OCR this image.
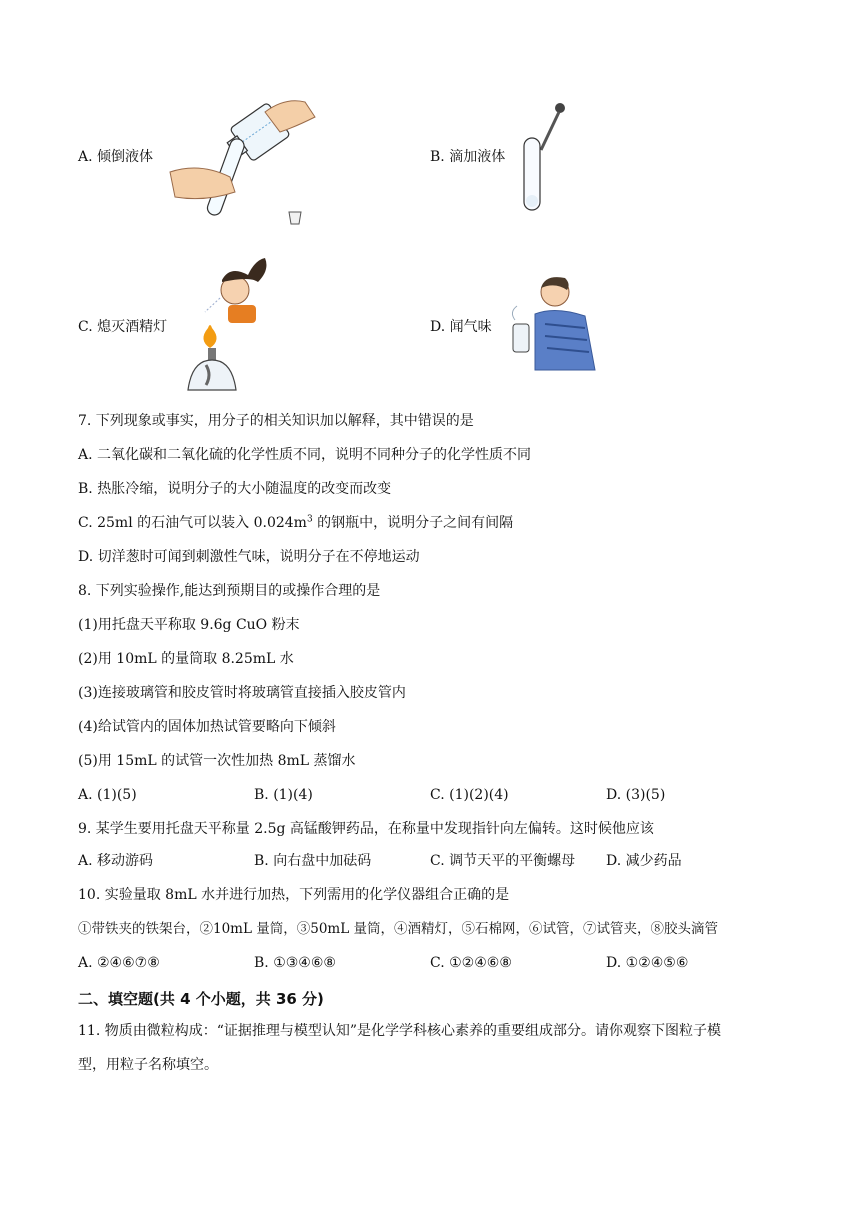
A. 倾倒液体	B. 滴加液体
C. 熄灭酒精灯	D. 闻气味
7. 下列现象或事实，用分子的相关知识加以解释，其中错误的是
A. 二氧化碳和二氧化硫的化学性质不同，说明不同种分子的化学性质不同
B. 热胀冷缩，说明分子的大小随温度的改变而改变
C. 25ml 的石油气可以装入 $0.024m^3$ 的钢瓶中，说明分子之间有间隔
D. 切洋葱时可闻到刺激性气味，说明分子在不停地运动
8. 下列实验操作,能达到预期目的或操作合理的是
(1)用托盘天平称取 9.6g CuO 粉末
(2)用 10mL 的量筒取 8.25mL 水
(3)连接玻璃管和胶皮管时将玻璃管直接插入胶皮管内
(4)给试管内的固体加热试管要略向下倾斜
(5)用 15mL 的试管一次性加热 8mL 蒸馏水
A. (1)(5)	B. (1)(4)	C. (1)(2)(4)	D. (3)(5)
9. 某学生要用托盘天平称量 2.5g 高锰酸钾药品，在称量中发现指针向左偏转。这时候他应该
A. 移动游码	B. 向右盘中加砝码	C. 调节天平的平衡螺母 D. 减少药品
10. 实验量取 8mL 水并进行加热，下列需用的化学仪器组合正确的是
①带铁夹的铁架台，②10mL 量筒，③50mL 量筒，④酒精灯，⑤石棉网，⑥试管，⑦试管夹，⑧胶头滴管
A. ②④⑥⑦⑧	B. ①③④⑥⑧	C. ①②④⑥⑧	D. ①②④⑤⑥
二、填空题(共 4 个小题，共 36 分)
11. 物质由微粒构成：“证据推理与模型认知”是化学学科核心素养的重要组成部分。请你观察下图粒子模
型，用粒子名称填空。
